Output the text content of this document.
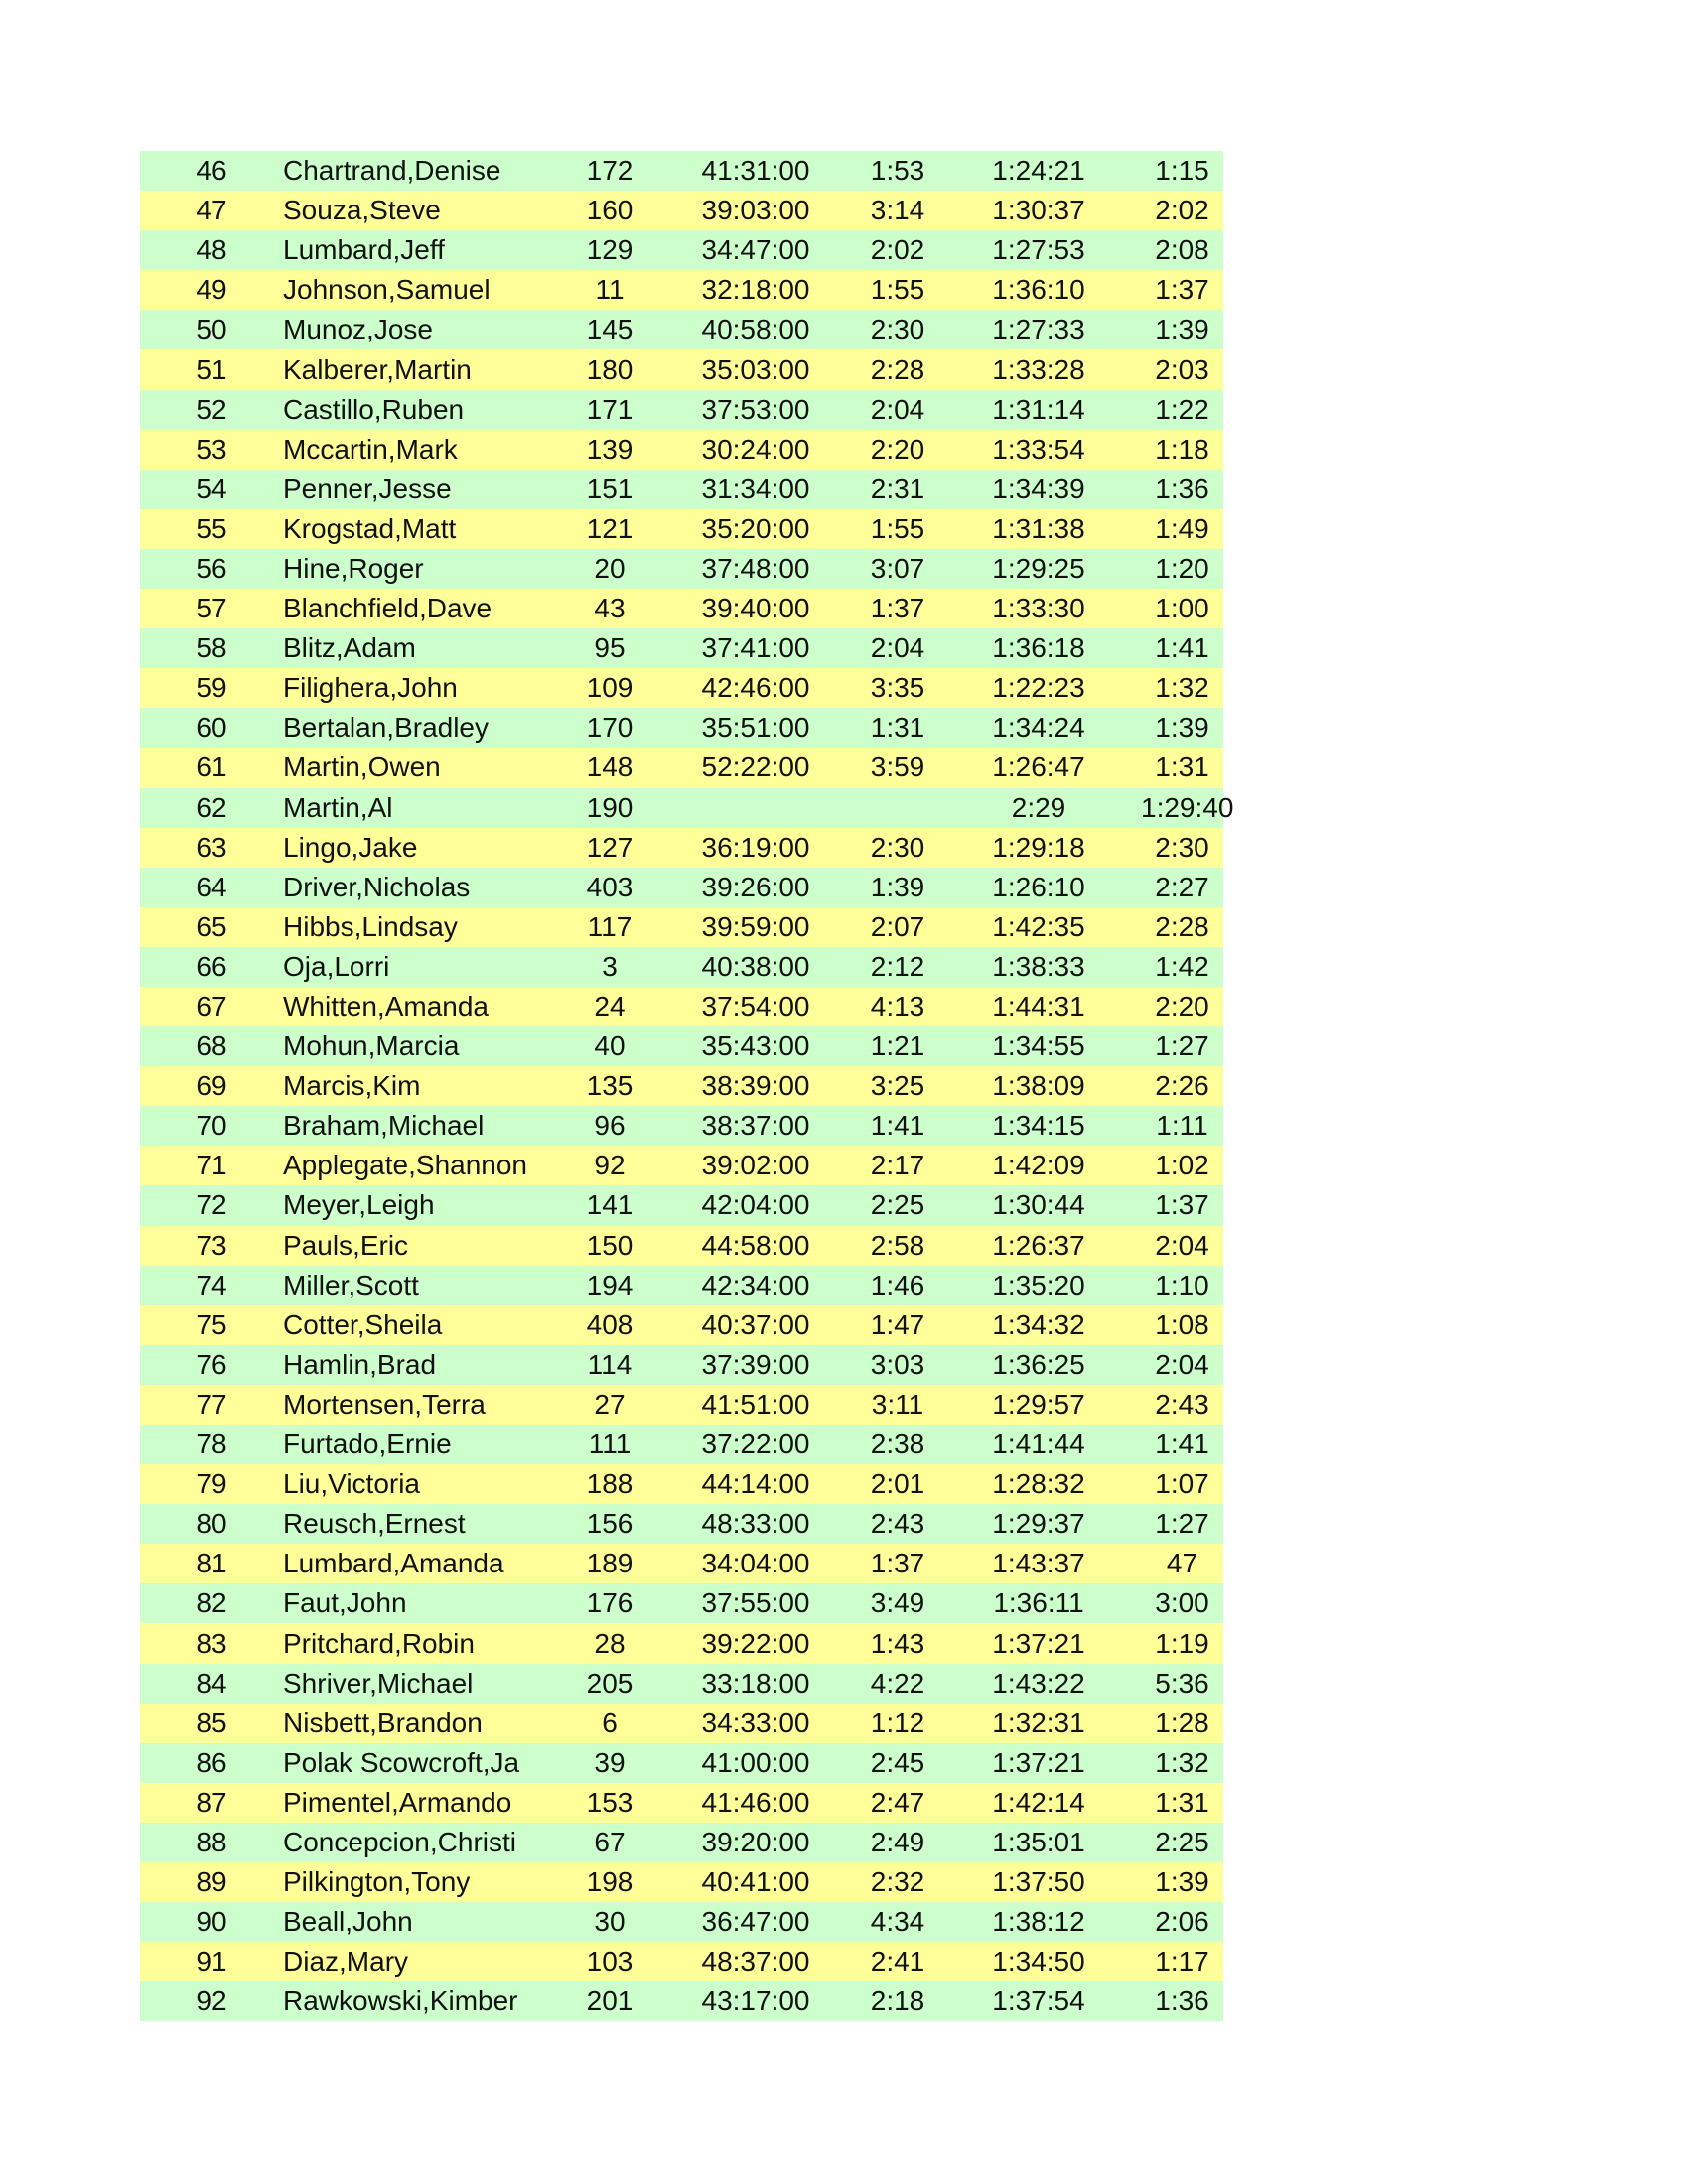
46	Chartrand,Denise	172	41:31:00	1:53	1:24:21	1:15
47	Souza,Steve	160	39:03:00	3:14	1:30:37	2:02
48	Lumbard,Jeff	129	34:47:00	2:02	1:27:53	2:08
49	Johnson,Samuel	11	32:18:00	1:55	1:36:10	1:37
50	Munoz,Jose	145	40:58:00	2:30	1:27:33	1:39
51	Kalberer,Martin	180	35:03:00	2:28	1:33:28	2:03
52	Castillo,Ruben	171	37:53:00	2:04	1:31:14	1:22
53	Mccartin,Mark	139	30:24:00	2:20	1:33:54	1:18
54	Penner,Jesse	151	31:34:00	2:31	1:34:39	1:36
55	Krogstad,Matt	121	35:20:00	1:55	1:31:38	1:49
56	Hine,Roger	20	37:48:00	3:07	1:29:25	1:20
57	Blanchfield,Dave	43	39:40:00	1:37	1:33:30	1:00
58	Blitz,Adam	95	37:41:00	2:04	1:36:18	1:41
59	Filighera,John	109	42:46:00	3:35	1:22:23	1:32
60	Bertalan,Bradley	170	35:51:00	1:31	1:34:24	1:39
61	Martin,Owen	148	52:22:00	3:59	1:26:47	1:31
62	Martin,Al	190			2:29	1:29:40
63	Lingo,Jake	127	36:19:00	2:30	1:29:18	2:30
64	Driver,Nicholas	403	39:26:00	1:39	1:26:10	2:27
65	Hibbs,Lindsay	117	39:59:00	2:07	1:42:35	2:28
66	Oja,Lorri	3	40:38:00	2:12	1:38:33	1:42
67	Whitten,Amanda	24	37:54:00	4:13	1:44:31	2:20
68	Mohun,Marcia	40	35:43:00	1:21	1:34:55	1:27
69	Marcis,Kim	135	38:39:00	3:25	1:38:09	2:26
70	Braham,Michael	96	38:37:00	1:41	1:34:15	1:11
71	Applegate,Shannon	92	39:02:00	2:17	1:42:09	1:02
72	Meyer,Leigh	141	42:04:00	2:25	1:30:44	1:37
73	Pauls,Eric	150	44:58:00	2:58	1:26:37	2:04
74	Miller,Scott	194	42:34:00	1:46	1:35:20	1:10
75	Cotter,Sheila	408	40:37:00	1:47	1:34:32	1:08
76	Hamlin,Brad	114	37:39:00	3:03	1:36:25	2:04
77	Mortensen,Terra	27	41:51:00	3:11	1:29:57	2:43
78	Furtado,Ernie	111	37:22:00	2:38	1:41:44	1:41
79	Liu,Victoria	188	44:14:00	2:01	1:28:32	1:07
80	Reusch,Ernest	156	48:33:00	2:43	1:29:37	1:27
81	Lumbard,Amanda	189	34:04:00	1:37	1:43:37	47
82	Faut,John	176	37:55:00	3:49	1:36:11	3:00
83	Pritchard,Robin	28	39:22:00	1:43	1:37:21	1:19
84	Shriver,Michael	205	33:18:00	4:22	1:43:22	5:36
85	Nisbett,Brandon	6	34:33:00	1:12	1:32:31	1:28
86	Polak Scowcroft,Ja	39	41:00:00	2:45	1:37:21	1:32
87	Pimentel,Armando	153	41:46:00	2:47	1:42:14	1:31
88	Concepcion,Christi	67	39:20:00	2:49	1:35:01	2:25
89	Pilkington,Tony	198	40:41:00	2:32	1:37:50	1:39
90	Beall,John	30	36:47:00	4:34	1:38:12	2:06
91	Diaz,Mary	103	48:37:00	2:41	1:34:50	1:17
92	Rawkowski,Kimber	201	43:17:00	2:18	1:37:54	1:36
